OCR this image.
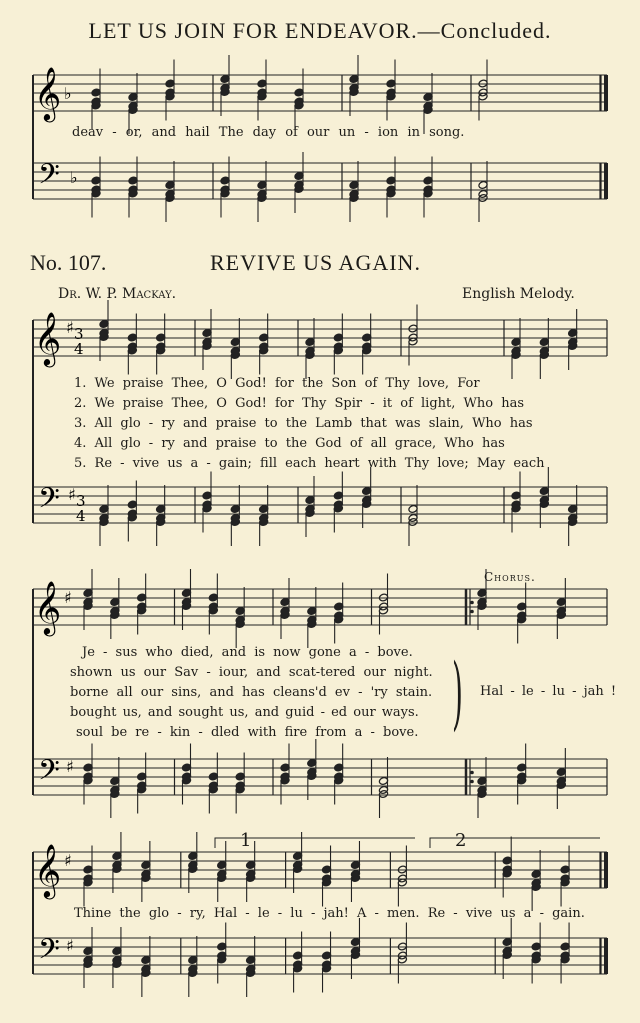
LET US JOIN FOR ENDEAVOR.—Concluded.
𝄞 ♭
𝄢 ♭
𝄞 ♯ 3
4
𝄢 ♯ 3
4
𝄞 ♯
𝄢 ♯
𝄞 ♯
𝄢 ♯
deav - or, and hail The day of our un - ion in song.
No. 107.	REVIVE US AGAIN.
Dr. W. P. Mackay.	English Melody.
1. We praise Thee, O God! for the Son of Thy love, For
2. We praise Thee, O God! for Thy Spir - it of light, Who has
3. All glo - ry and praise to the Lamb that was slain, Who has
4. All glo - ry and praise to the God of all grace, Who has
5. Re - vive us a - gain; fill each heart with Thy love; May each
Chorus.
Je - sus who died, and is now gone a - bove.
shown us our Sav - iour, and scat-tered our night.
borne all our sins, and has cleans'd ev - 'ry stain.
bought us, and sought us, and guid - ed our ways.
soul be re - kin - dled with fire from a - bove. ) Hal - le - lu - jah !
Thine the glo - ry, Hal - le - lu - jah! A - men. Re - vive us a - gain.
1	2
